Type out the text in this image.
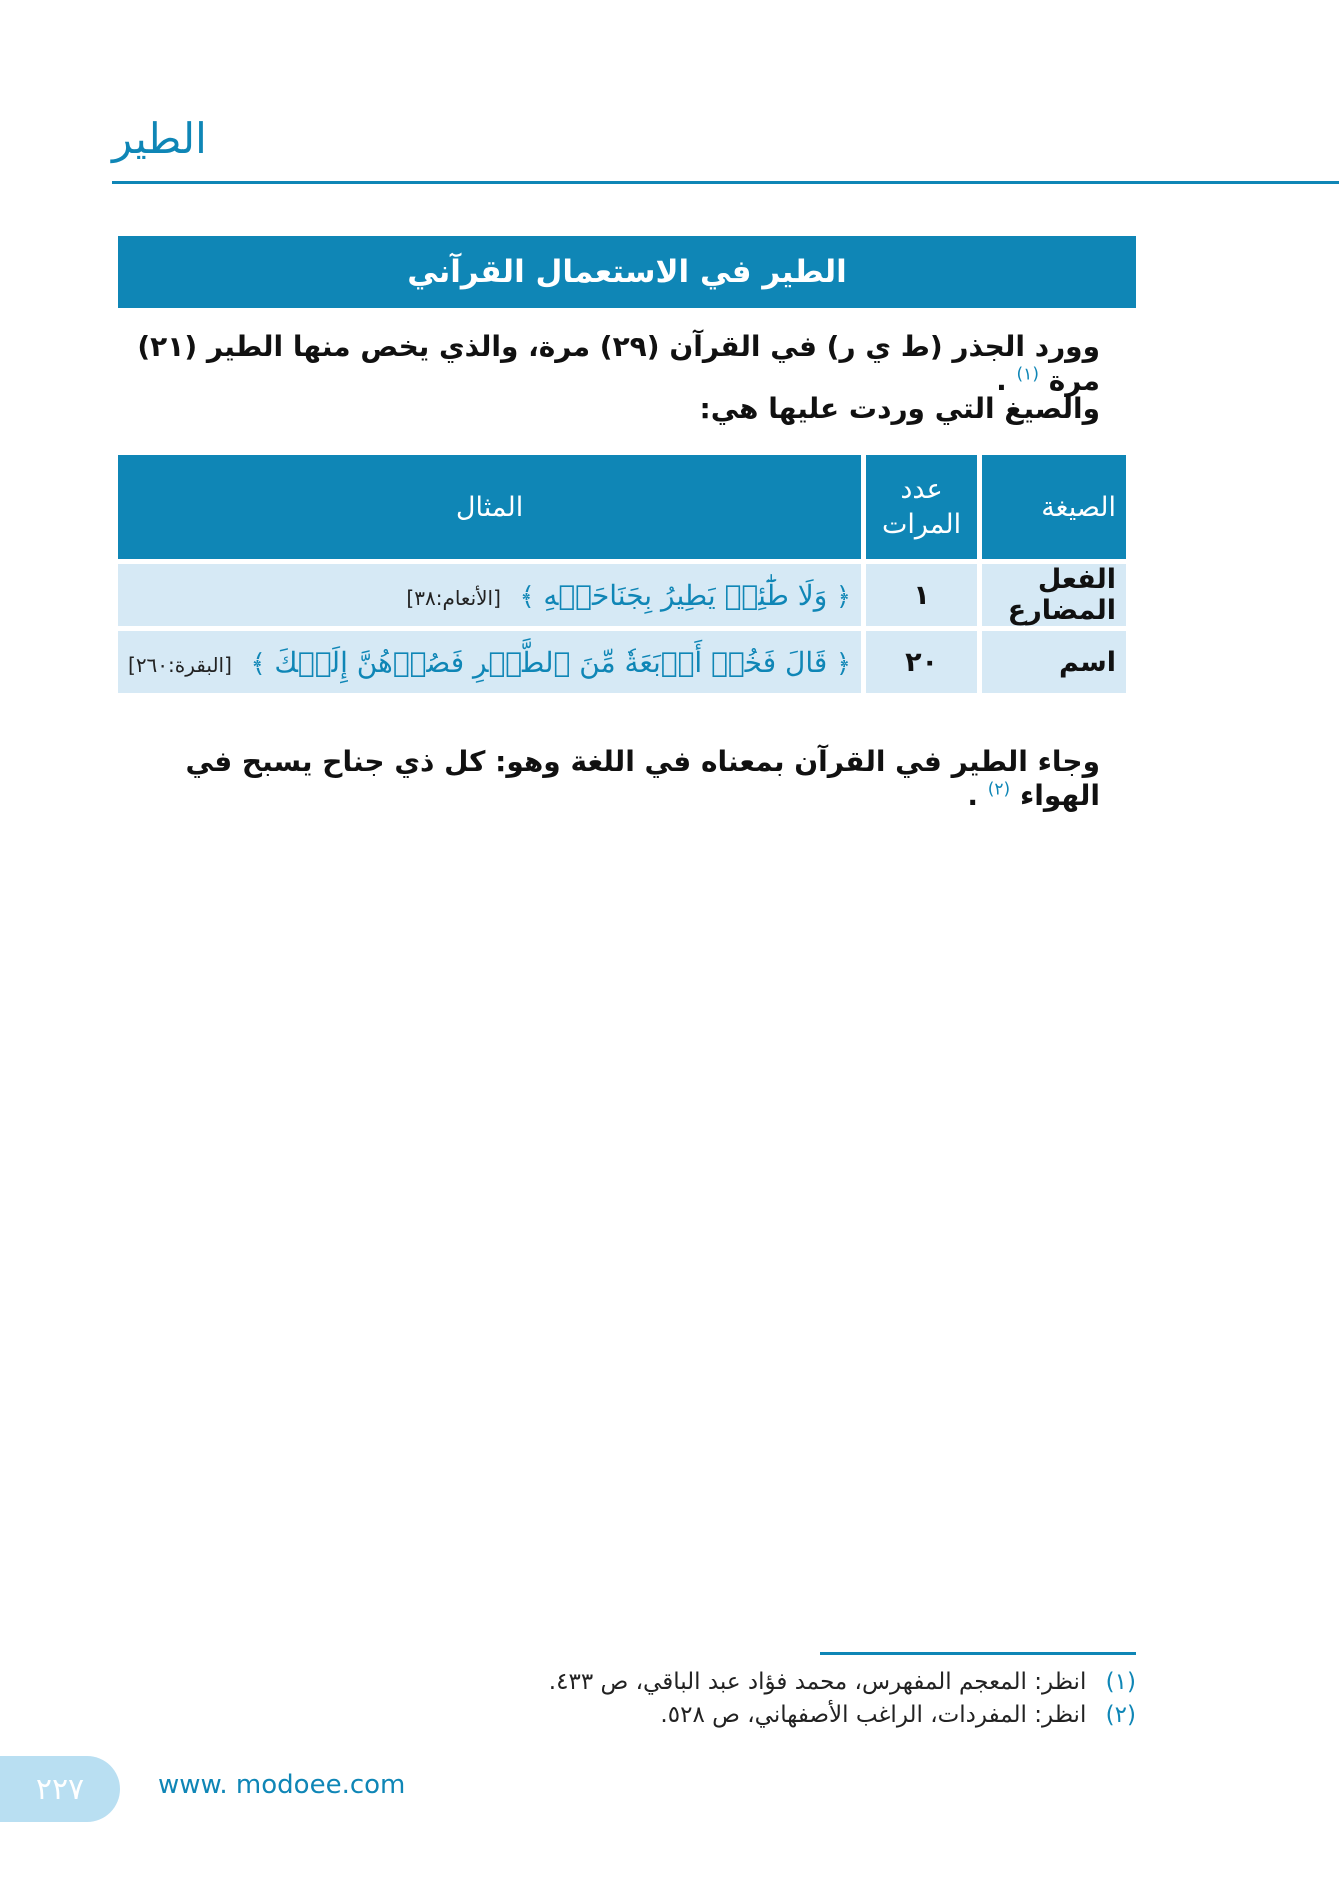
الطير
الطير في الاستعمال القرآني
وورد الجذر (ط ي ر) في القرآن (٢٩) مرة، والذي يخص منها الطير (٢١) مرة $^{(١)}$ .
والصيغ التي وردت عليها هي:
الصيغة	عدد المرات	المثال
الفعل المضارع	١	﴿ وَلَا طَٰٓئِرٖ يَطِيرُ بِجَنَاحَيۡهِ ﴾ [الأنعام:٣٨]
اسم	٢٠	﴿ قَالَ فَخُذۡ أَرۡبَعَةٗ مِّنَ ٱلطَّيۡرِ فَصُرۡهُنَّ إِلَيۡكَ ﴾ [البقرة:٢٦٠]
وجاء الطير في القرآن بمعناه في اللغة وهو: كل ذي جناح يسبح في الهواء $^{(٢)}$ .
(١) انظر: المعجم المفهرس، محمد فؤاد عبد الباقي، ص ٤٣٣.
(٢) انظر: المفردات، الراغب الأصفهاني، ص ٥٢٨.
٢٢٧	www. modoee.com
